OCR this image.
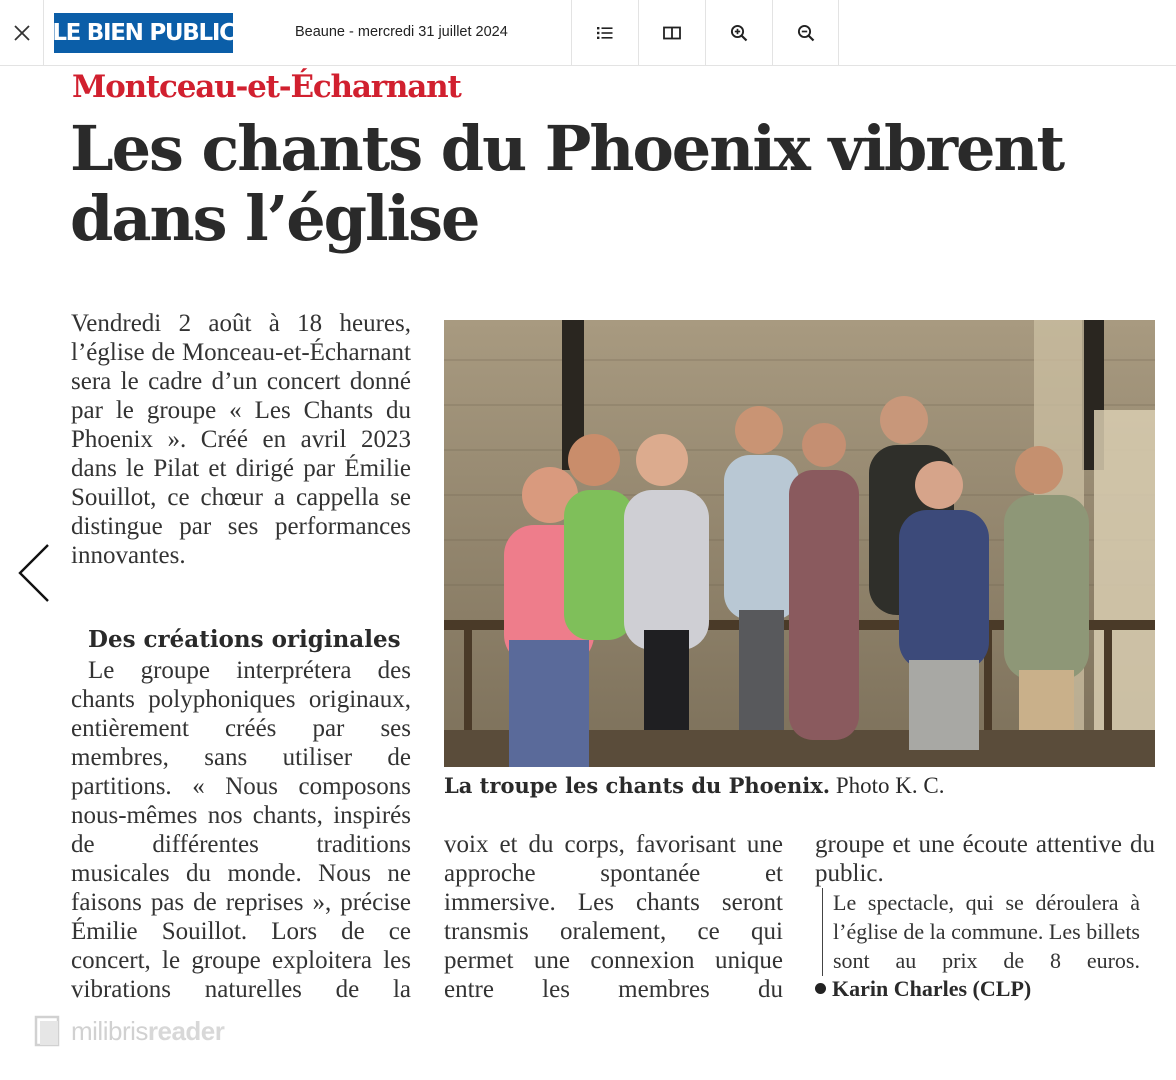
LE BIEN PUBLIC	Beaune - mercredi 31 juillet 2024
Montceau-et-Écharnant
Les chants du Phoenix vibrent dans l’église

Vendredi 2 août à 18 heures, l’église de Monceau-et-Écharnant sera le cadre d’un concert donné par le groupe « Les Chants du Phoenix ». Créé en avril 2023 dans le Pilat et dirigé par Émilie Souillot, ce chœur a cappella se distingue par ses performances innovantes.

Des créations originales

Le groupe interprétera des chants polyphoniques originaux, entièrement créés par ses membres, sans utiliser de partitions. « Nous composons nous-mêmes nos chants, inspirés de différentes traditions musicales du monde. Nous ne faisons pas de reprises », précise Émilie Souillot. Lors de ce concert, le groupe exploitera les vibrations naturelles de la

La troupe les chants du Phoenix. Photo K. C.

voix et du corps, favorisant une approche spontanée et immersive. Les chants seront transmis oralement, ce qui permet une connexion unique entre les membres du

groupe et une écoute attentive du public.

Le spectacle, qui se déroulera à l’église de la commune. Les billets sont au prix de 8 euros.

Karin Charles (CLP)
milibrisreader
